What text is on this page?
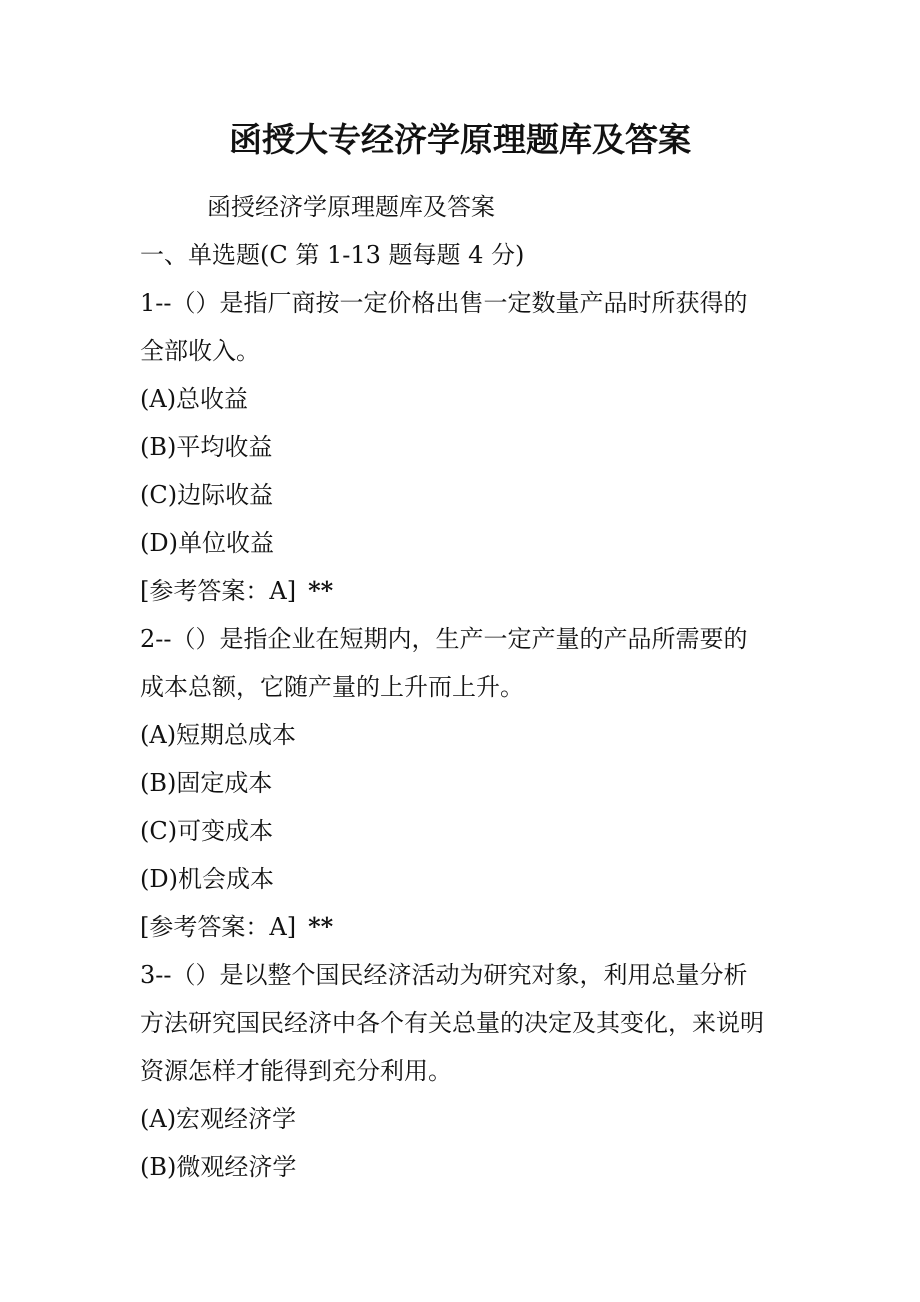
函授大专经济学原理题库及答案
函授经济学原理题库及答案
一、单选题(C 第 1-13 题每题 4 分)
1--（）是指厂商按一定价格出售一定数量产品时所获得的
全部收入。
(A)总收益
(B)平均收益
(C)边际收益
(D)单位收益
[参考答案：A] **
2--（）是指企业在短期内，生产一定产量的产品所需要的
成本总额，它随产量的上升而上升。
(A)短期总成本
(B)固定成本
(C)可变成本
(D)机会成本
[参考答案：A] **
3--（）是以整个国民经济活动为研究对象，利用总量分析
方法研究国民经济中各个有关总量的决定及其变化，来说明
资源怎样才能得到充分利用。
(A)宏观经济学
(B)微观经济学
